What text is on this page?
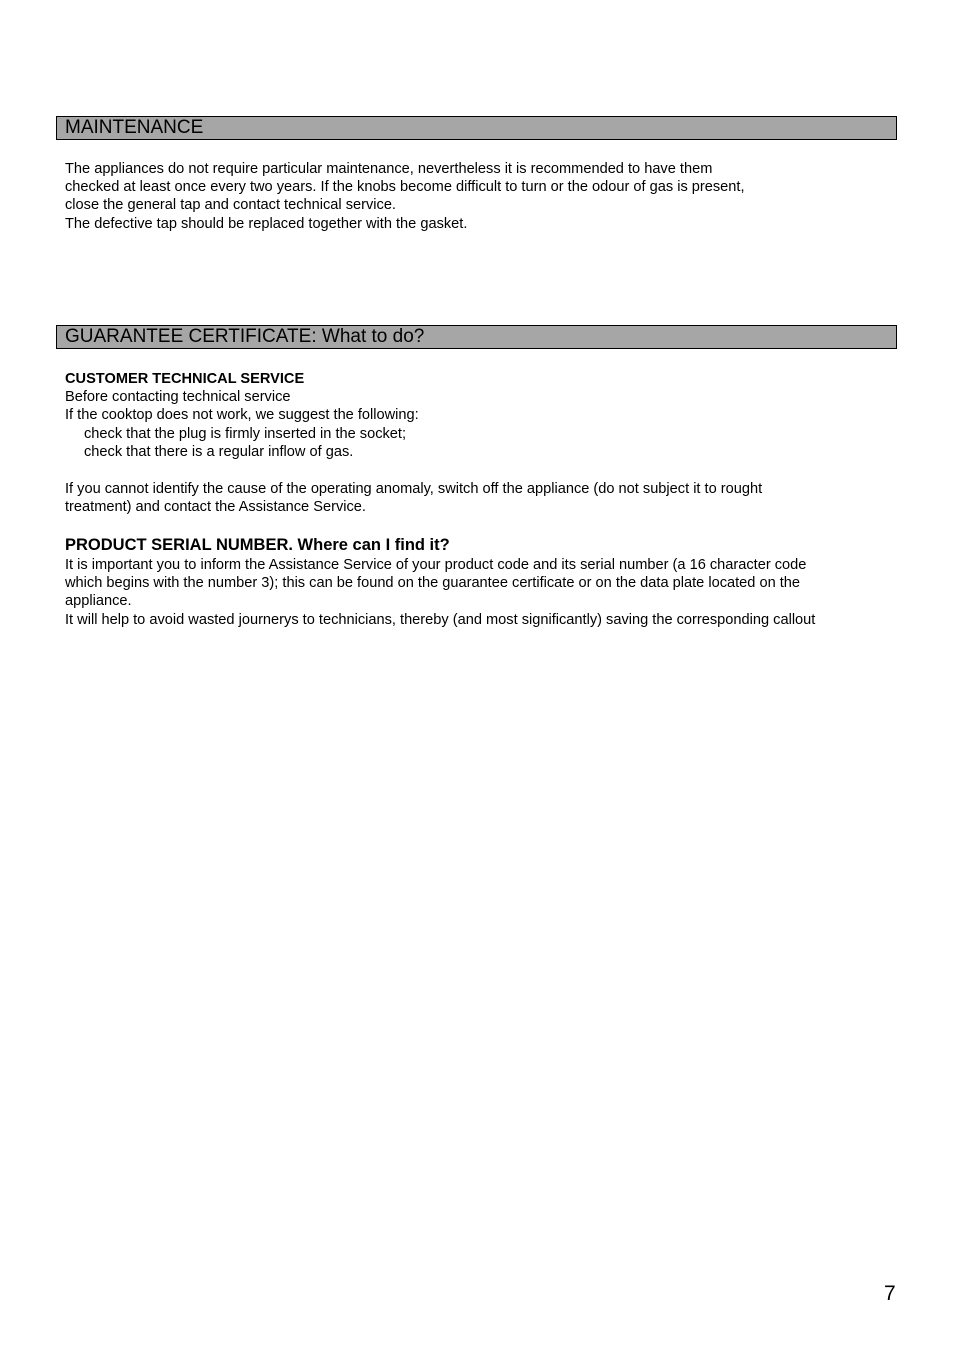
MAINTENANCE

The appliances do not require particular maintenance, nevertheless it is recommended to have them

checked at least once every two years. If the knobs become difficult to turn or the odour of gas is present,

close the general tap and contact technical service.

The defective tap should be replaced together with the gasket.

GUARANTEE CERTIFICATE: What to do?

CUSTOMER TECHNICAL SERVICE

Before contacting technical service

If the cooktop does not work, we suggest the following:

check that the plug is firmly inserted in the socket;

check that there is a regular inflow of gas.

If you cannot identify the cause of the operating anomaly, switch off the appliance (do not subject it to rought

treatment) and contact the Assistance Service.

PRODUCT SERIAL NUMBER. Where can I find it?

It is important you to inform the Assistance Service of your product code and its serial number (a 16 character code

which begins with the number 3); this can be found on the guarantee certificate or on the data plate located on the

appliance.

It will help to avoid wasted journerys to technicians, thereby (and most significantly) saving the corresponding callout

7
